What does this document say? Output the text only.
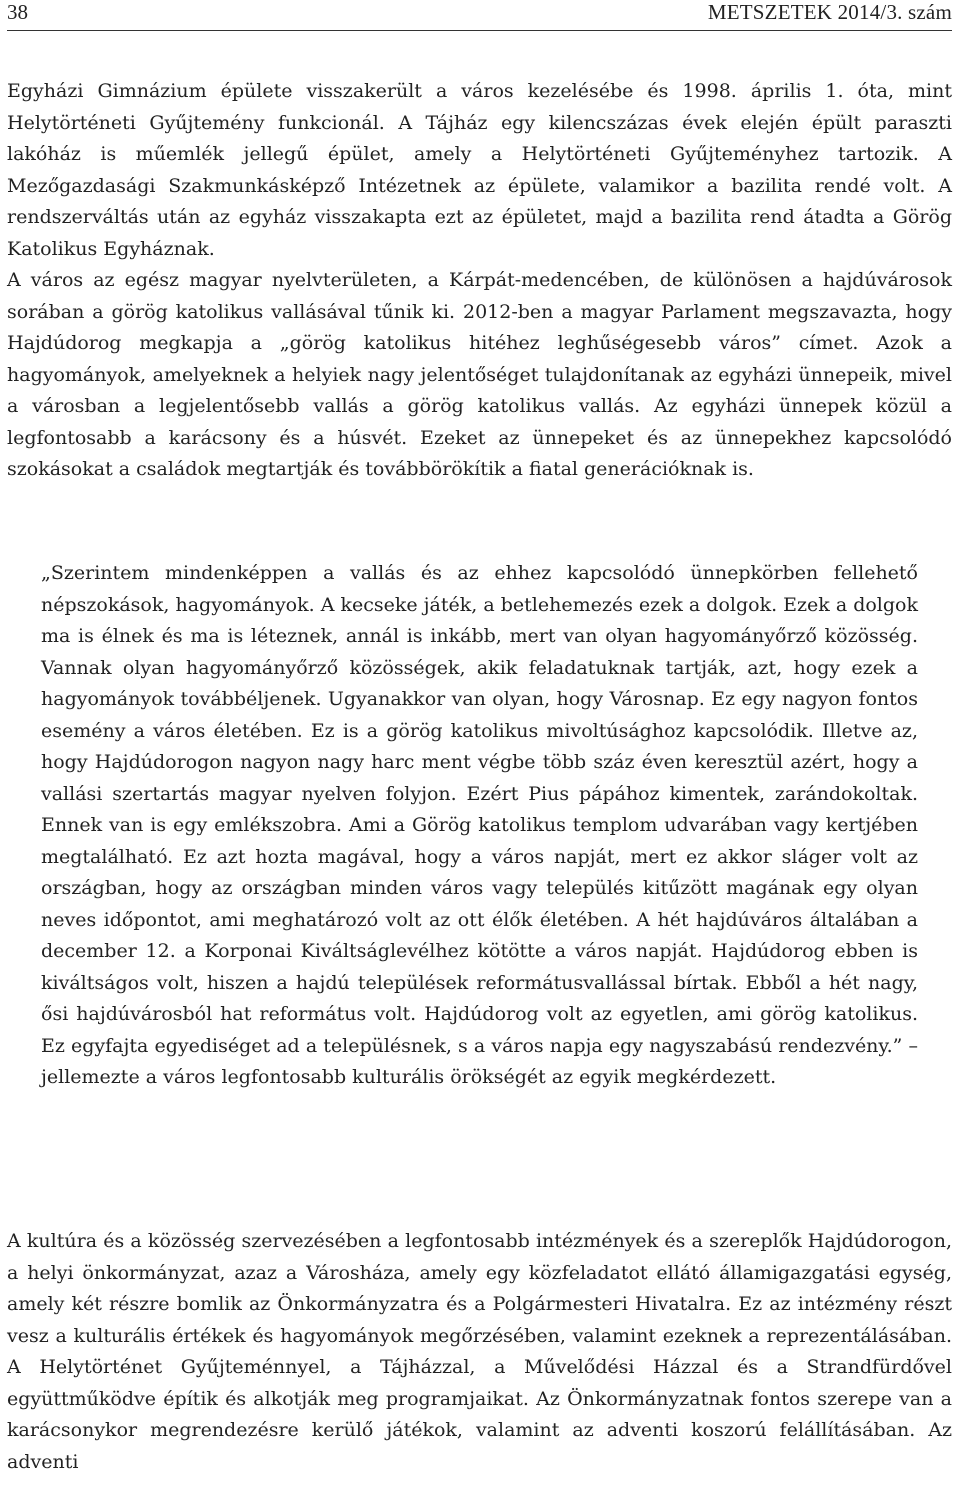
38	METSZETEK 2014/3. szám

Egyházi Gimnázium épülete visszakerült a város kezelésébe és 1998. április 1. óta, mint Helytörténeti Gyűjtemény funkcionál. A Tájház egy kilencszázas évek elején épült paraszti lakóház is műemlék jellegű épület, amely a Helytörténeti Gyűjteményhez tartozik. A Mezőgazdasági Szakmunkásképző Intézetnek az épülete, valamikor a bazilita rendé volt. A rendszerváltás után az egyház visszakapta ezt az épületet, majd a bazilita rend átadta a Görög Katolikus Egyháznak.

A város az egész magyar nyelvterületen, a Kárpát-medencében, de különösen a hajdúvárosok sorában a görög katolikus vallásával tűnik ki. 2012-ben a magyar Parlament megszavazta, hogy Hajdúdorog megkapja a „görög katolikus hitéhez leghűségesebb város” címet. Azok a hagyományok, amelyeknek a helyiek nagy jelentőséget tulajdonítanak az egyházi ünnepeik, mivel a városban a legjelentősebb vallás a görög katolikus vallás. Az egyházi ünnepek közül a legfontosabb a karácsony és a húsvét. Ezeket az ünnepeket és az ünnepekhez kapcsolódó szokásokat a családok megtartják és továbbörökítik a fiatal generációknak is.

„Szerintem mindenképpen a vallás és az ehhez kapcsolódó ünnepkörben fellehető népszokások, hagyományok. A kecseke játék, a betlehemezés ezek a dolgok. Ezek a dolgok ma is élnek és ma is léteznek, annál is inkább, mert van olyan hagyományőrző közösség. Vannak olyan hagyományőrző közösségek, akik feladatuknak tartják, azt, hogy ezek a hagyományok továbbéljenek. Ugyanakkor van olyan, hogy Városnap. Ez egy nagyon fontos esemény a város életében. Ez is a görög katolikus mivoltúsághoz kapcsolódik. Illetve az, hogy Hajdúdorogon nagyon nagy harc ment végbe több száz éven keresztül azért, hogy a vallási szertartás magyar nyelven folyjon. Ezért Pius pápához kimentek, zarándokoltak. Ennek van is egy emlékszobra. Ami a Görög katolikus templom udvarában vagy kertjében megtalálható. Ez azt hozta magával, hogy a város napját, mert ez akkor sláger volt az országban, hogy az országban minden város vagy település kitűzött magának egy olyan neves időpontot, ami meghatározó volt az ott élők életében. A hét hajdúváros általában a december 12. a Korponai Kiváltságlevélhez kötötte a város napját. Hajdúdorog ebben is kiváltságos volt, hiszen a hajdú települések reformátusvallással bírtak. Ebből a hét nagy, ősi hajdúvárosból hat református volt. Hajdúdorog volt az egyetlen, ami görög katolikus. Ez egyfajta egyediséget ad a településnek, s a város napja egy nagyszabású rendezvény.” – jellemezte a város legfontosabb kulturális örökségét az egyik megkérdezett.
A kultúra és a közösség szervezésében a legfontosabb intézmények és a szereplők Hajdúdorogon, a helyi önkormányzat, azaz a Városháza, amely egy közfeladatot ellátó államigazgatási egység, amely két részre bomlik az Önkormányzatra és a Polgármesteri Hivatalra. Ez az intézmény részt vesz a kulturális értékek és hagyományok megőrzésében, valamint ezeknek a reprezentálásában. A Helytörténet Gyűjteménnyel, a Tájházzal, a Művelődési Házzal és a Strandfürdővel együttműködve építik és alkotják meg programjaikat. Az Önkormányzatnak fontos szerepe van a karácsonykor megrendezésre kerülő játékok, valamint az adventi koszorú felállításában. Az adventi
